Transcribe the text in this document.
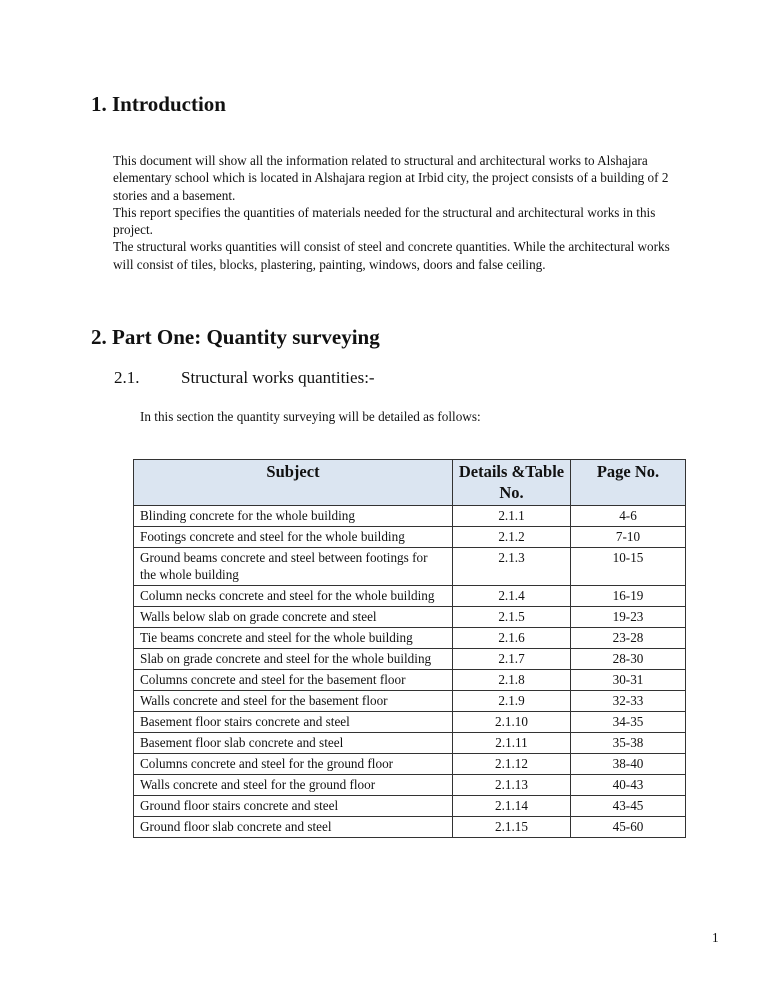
1. Introduction

This document will show all the information related to structural and architectural works to Alshajara elementary school which is located in Alshajara region at Irbid city, the project consists of a building of 2 stories and a basement.

This report specifies the quantities of materials needed for the structural and architectural works in this project.

The structural works quantities will consist of steel and concrete quantities. While the architectural works will consist of tiles, blocks, plastering, painting, windows, doors and false ceiling.

2. Part One: Quantity surveying
2.1. Structural works quantities:-
In this section the quantity surveying will be detailed as follows:
Subject	Details &Table No.	Page No.
Blinding concrete for the whole building	2.1.1	4-6
Footings concrete and steel for the whole building	2.1.2	7-10
Ground beams concrete and steel between footings for the whole building	2.1.3	10-15
Column necks concrete and steel for the whole building	2.1.4	16-19
Walls below slab on grade concrete and steel	2.1.5	19-23
Tie beams concrete and steel for the whole building	2.1.6	23-28
Slab on grade concrete and steel for the whole building	2.1.7	28-30
Columns concrete and steel for the basement floor	2.1.8	30-31
Walls concrete and steel for the basement floor	2.1.9	32-33
Basement floor stairs concrete and steel	2.1.10	34-35
Basement floor slab concrete and steel	2.1.11	35-38
Columns concrete and steel for the ground floor	2.1.12	38-40
Walls concrete and steel for the ground floor	2.1.13	40-43
Ground floor stairs concrete and steel	2.1.14	43-45
Ground floor slab concrete and steel	2.1.15	45-60
1
